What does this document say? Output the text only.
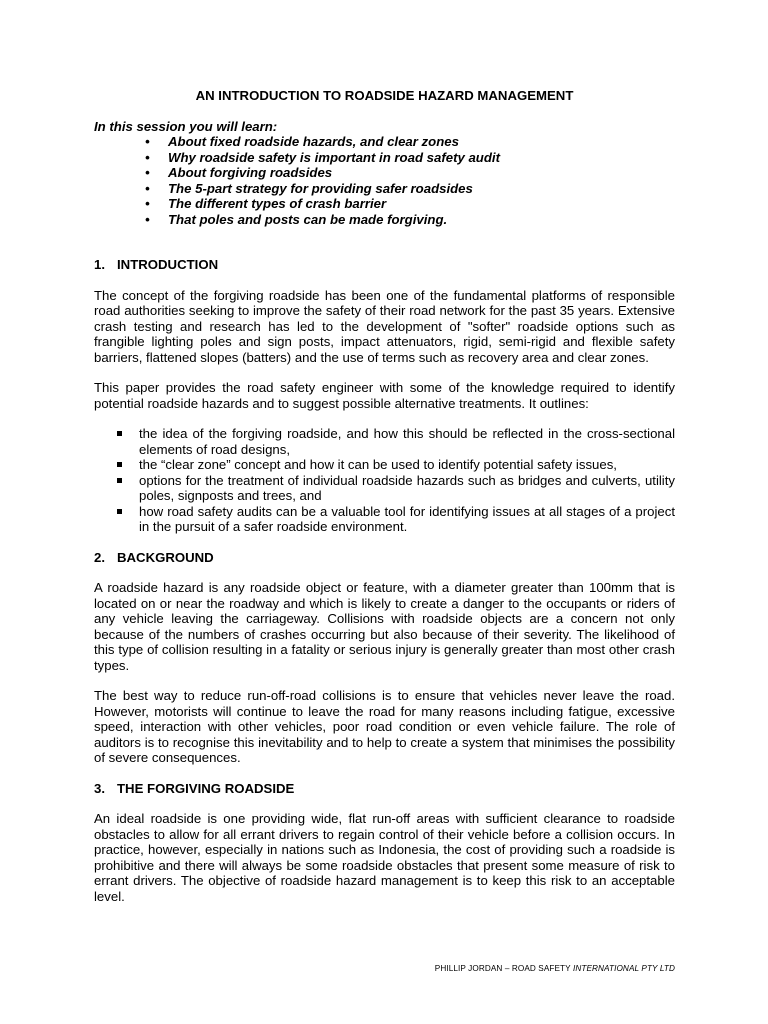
AN INTRODUCTION TO ROADSIDE HAZARD MANAGEMENT
In this session you will learn:
• About fixed roadside hazards, and clear zones
• Why roadside safety is important in road safety audit
• About forgiving roadsides
• The 5-part strategy for providing safer roadsides
• The different types of crash barrier
• That poles and posts can be made forgiving.
1. INTRODUCTION

The concept of the forgiving roadside has been one of the fundamental platforms of responsible road authorities seeking to improve the safety of their road network for the past 35 years. Extensive crash testing and research has led to the development of "softer" roadside options such as frangible lighting poles and sign posts, impact attenuators, rigid, semi-rigid and flexible safety barriers, flattened slopes (batters) and the use of terms such as recovery area and clear zones.

This paper provides the road safety engineer with some of the knowledge required to identify potential roadside hazards and to suggest possible alternative treatments. It outlines:

the idea of the forgiving roadside, and how this should be reflected in the cross-sectional elements of road designs,
the “clear zone” concept and how it can be used to identify potential safety issues,
options for the treatment of individual roadside hazards such as bridges and culverts, utility poles, signposts and trees, and
how road safety audits can be a valuable tool for identifying issues at all stages of a project in the pursuit of a safer roadside environment.
2. BACKGROUND

A roadside hazard is any roadside object or feature, with a diameter greater than 100mm that is located on or near the roadway and which is likely to create a danger to the occupants or riders of any vehicle leaving the carriageway. Collisions with roadside objects are a concern not only because of the numbers of crashes occurring but also because of their severity. The likelihood of this type of collision resulting in a fatality or serious injury is generally greater than most other crash types.

The best way to reduce run-off-road collisions is to ensure that vehicles never leave the road. However, motorists will continue to leave the road for many reasons including fatigue, excessive speed, interaction with other vehicles, poor road condition or even vehicle failure. The role of auditors is to recognise this inevitability and to help to create a system that minimises the possibility of severe consequences.

3. THE FORGIVING ROADSIDE

An ideal roadside is one providing wide, flat run-off areas with sufficient clearance to roadside obstacles to allow for all errant drivers to regain control of their vehicle before a collision occurs. In practice, however, especially in nations such as Indonesia, the cost of providing such a roadside is prohibitive and there will always be some roadside obstacles that present some measure of risk to errant drivers. The objective of roadside hazard management is to keep this risk to an acceptable level.

PHILLIP JORDAN – ROAD SAFETY INTERNATIONAL PTY LTD
